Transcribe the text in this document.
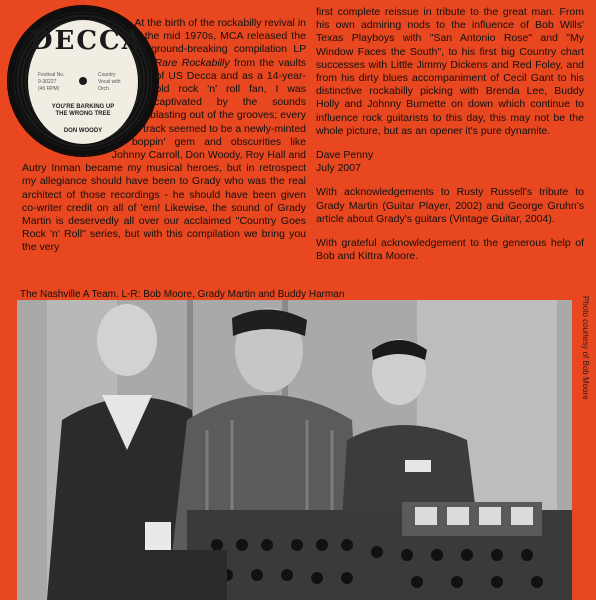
DECCA
Festival No.
9-30227
(45 RPM)
Country
Vocal with
Orch.
YOU'RE BARKING UP THE WRONG TREE
DON WOODY
At the birth of the rockabilly revival in the mid 1970s, MCA released the ground-breaking compilation LP Rare Rockabilly from the vaults of US Decca and as a 14-year-old rock 'n' roll fan, I was captivated by the sounds blasting out of the grooves; every track seemed to be a newly-minted boppin' gem and obscurities like Johnny Carroll, Don Woody, Roy Hall and Autry Inman became my musical heroes, but in retrospect my allegiance should have been to Grady who was the real architect of those recordings - he should have been given co-writer credit on all of 'em! Likewise, the sound of Grady Martin is deservedly all over our acclaimed "Country Goes Rock 'n' Roll" series, but with this compilation we bring you the very

first complete reissue in tribute to the great man. From his own admiring nods to the influence of Bob Wills' Texas Playboys with "San Antonio Rose" and "My Window Faces the South", to his first big Country chart successes with Little Jimmy Dickens and Red Foley, and from his dirty blues accompaniment of Cecil Gant to his distinctive rockabilly picking with Brenda Lee, Buddy Holly and Johnny Burnette on down which continue to influence rock guitarists to this day, this may not be the whole picture, but as an opener it's pure dynamite.

Dave Penny
July 2007

With acknowledgements to Rusty Russell's tribute to Grady Martin (Guitar Player, 2002) and George Gruhn's article about Grady's guitars (Vintage Guitar, 2004).

With grateful acknowledgement to the generous help of Bob and Kittra Moore.

The Nashville A Team. L-R: Bob Moore, Grady Martin and Buddy Harman
Photo courtesy of Bob Moore
